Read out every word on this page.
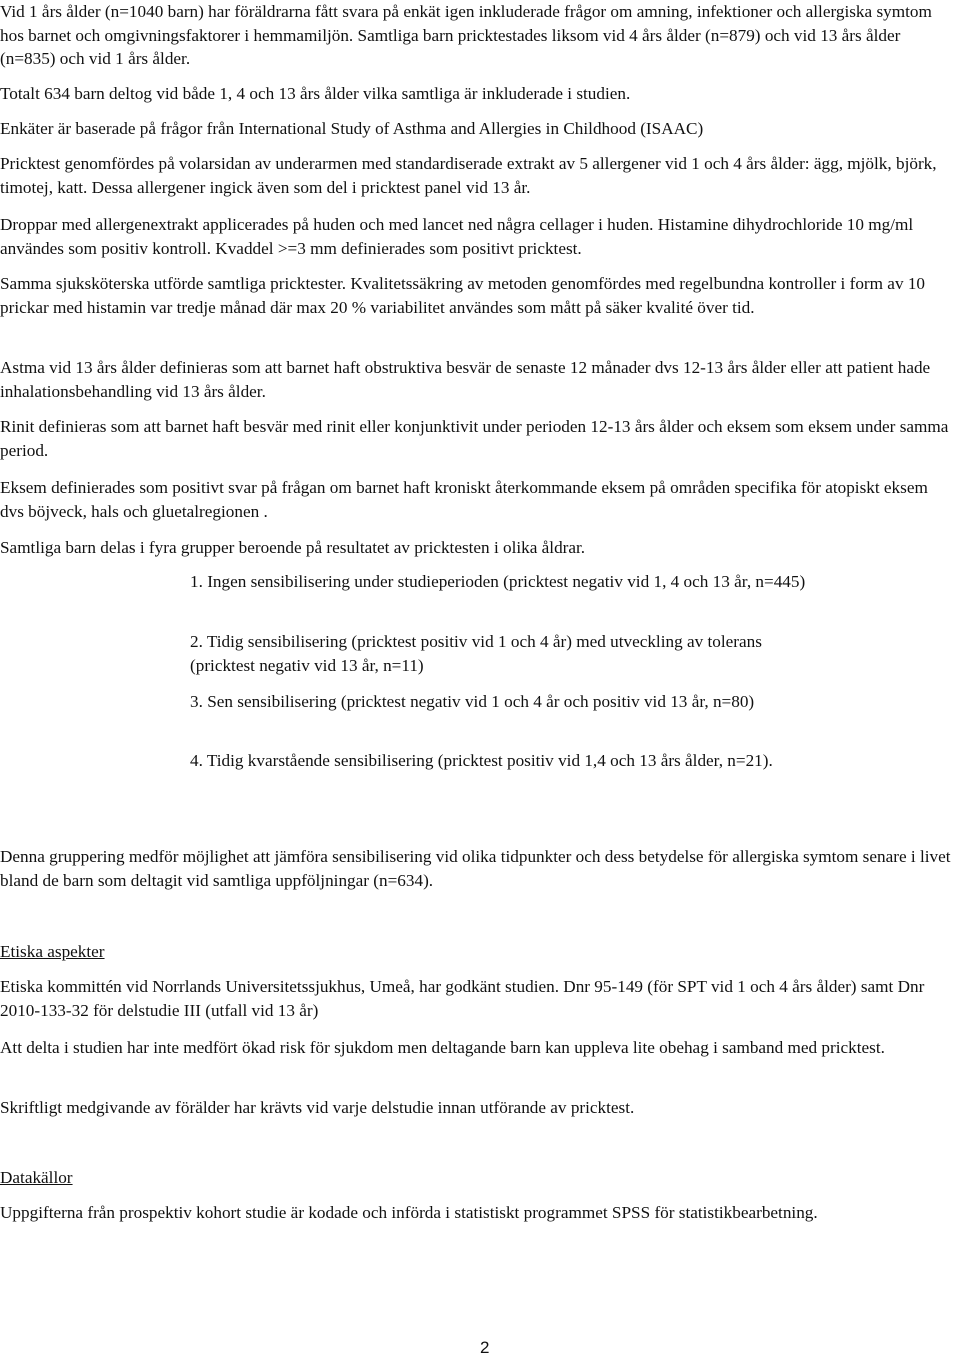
Vid 1 års ålder (n=1040 barn) har föräldrarna fått svara på enkät igen inkluderade frågor om amning, infektioner och allergiska symtom hos barnet och omgivningsfaktorer i hemmamiljön. Samtliga barn pricktestades liksom vid 4 års ålder (n=879) och vid 13 års ålder (n=835) och vid 1 års ålder.

Totalt 634 barn deltog vid både 1, 4 och 13 års ålder vilka samtliga är inkluderade i studien.

Enkäter är baserade på frågor från International Study of Asthma and Allergies in Childhood (ISAAC)

Pricktest genomfördes på volarsidan av underarmen med standardiserade extrakt av 5 allergener vid 1 och 4 års ålder: ägg, mjölk, björk, timotej, katt. Dessa allergener ingick även som del i pricktest panel vid 13 år.

Droppar med allergenextrakt applicerades på huden och med lancet ned några cellager i huden. Histamine dihydrochloride 10 mg/ml användes som positiv kontroll. Kvaddel >=3 mm definierades som positivt pricktest.

Samma sjuksköterska utförde samtliga pricktester. Kvalitetssäkring av metoden genomfördes med regelbundna kontroller i form av 10 prickar med histamin var tredje månad där max 20 % variabilitet användes som mått på säker kvalité över tid.

Astma vid 13 års ålder definieras som att barnet haft obstruktiva besvär de senaste 12 månader dvs 12-13 års ålder eller att patient hade inhalationsbehandling vid 13 års ålder.

Rinit definieras som att barnet haft besvär med rinit eller konjunktivit under perioden 12-13 års ålder och eksem som eksem under samma period.

Eksem definierades som positivt svar på frågan om barnet haft kroniskt återkommande eksem på områden specifika för atopiskt eksem dvs böjveck, hals och gluetalregionen .

Samtliga barn delas i fyra grupper beroende på resultatet av pricktesten i olika åldrar.

1. Ingen sensibilisering under studieperioden (pricktest negativ vid 1, 4 och 13 år, n=445)

2. Tidig sensibilisering (pricktest positiv vid 1 och 4 år) med utveckling av tolerans (pricktest negativ vid 13 år, n=11)

3. Sen sensibilisering (pricktest negativ vid 1 och 4 år och positiv vid 13 år, n=80)

4. Tidig kvarstående sensibilisering (pricktest positiv vid 1,4 och 13 års ålder, n=21).

Denna gruppering medför möjlighet att jämföra sensibilisering vid olika tidpunkter och dess betydelse för allergiska symtom senare i livet bland de barn som deltagit vid samtliga uppföljningar (n=634).

Etiska aspekter

Etiska kommittén vid Norrlands Universitetssjukhus, Umeå, har godkänt studien. Dnr 95-149 (för SPT vid 1 och 4 års ålder) samt Dnr 2010-133-32 för delstudie III (utfall vid 13 år)

Att delta i studien har inte medfört ökad risk för sjukdom men deltagande barn kan uppleva lite obehag i samband med pricktest.

Skriftligt medgivande av förälder har krävts vid varje delstudie innan utförande av pricktest.

Datakällor

Uppgifterna från prospektiv kohort studie är kodade och införda i statistiskt programmet SPSS för statistikbearbetning.

2
